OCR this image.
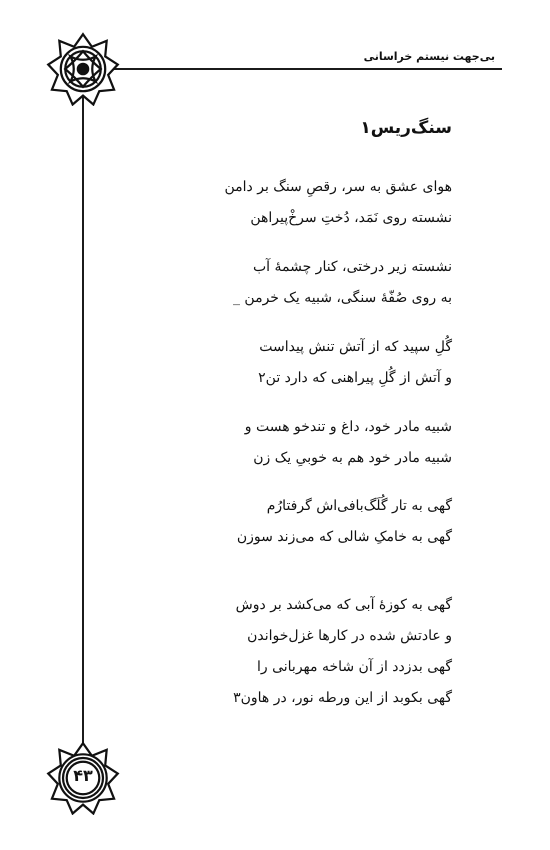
بی‌جهت نیستم خراسانی
سنگ‌ریس۱
هوای عشق به سر، رقصِ سنگ بر دامن
نشسته روی نَمَد، دُختِ سرخْ‌پیراهن
نشسته زیر درختی، کنار چشمهٔ آب
به روی صُفّهٔ سنگی، شبیه یک خرمن _
گُلِ سپید که از آتش تنش پیداست
و آتش از گُلِ پیراهنی که دارد تن۲
شبیه مادر خود، داغ و تندخو هست و
شبیه مادر خود هم به خوبیِ یک زن
گهی به تار گُلَگ‌بافی‌اش گرفتارُم
گهی به خامکِ شالی که می‌زند سوزن
گهی به کوزهٔ آبی که می‌کشد بر دوش
و عادتش شده در کارها غزل‌خواندن
گهی بدزدد از آن شاخه مهربانی را
گهی بکوبد از این ورطه نور، در هاون۳
۴۳
